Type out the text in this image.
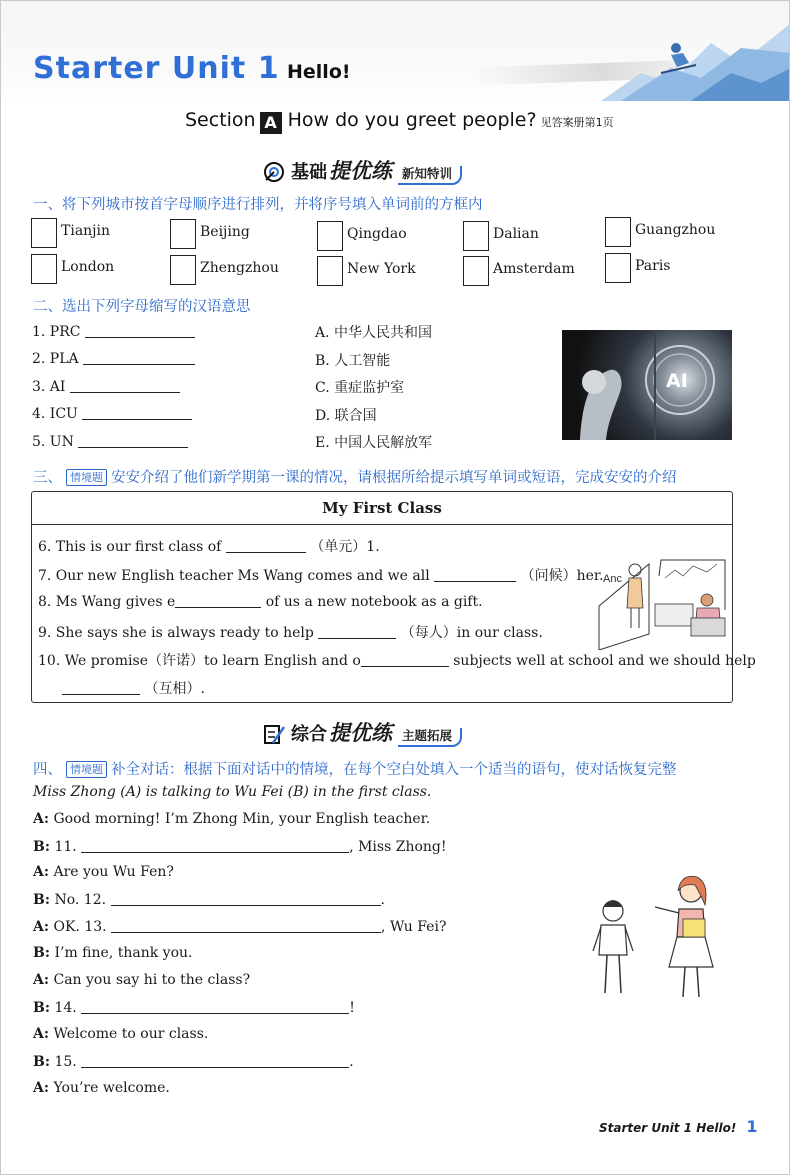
Starter Unit 1 Hello!
Section A How do you greet people? 见答案册第1页
基础提优练 新知特训
一、将下列城市按首字母顺序进行排列，并将序号填入单词前的方框内
Tianjin	Beijing	Qingdao	Dalian	Guangzhou
London	Zhengzhou	New York	Amsterdam	Paris
二、选出下列字母缩写的汉语意思
1. PRC
2. PLA
3. AI
4. ICU
5. UN
A. 中华人民共和国
B. 人工智能
C. 重症监护室
D. 联合国
E. 中国人民解放军
AI
三、 情境题 安安介绍了他们新学期第一课的情况，请根据所给提示填写单词或短语，完成安安的介绍
My First Class
6. This is our first class of	（单元）1.
7. Our new English teacher Ms Wang comes and we all	（问候）her.
8. Ms Wang gives e	of us a new notebook as a gift.
9. She says she is always ready to help	（每人）in our class.
10. We promise（许诺）to learn English and o	subjects well at school and we should help
（互相）.
Anc
综合提优练 主题拓展
四、 情境题 补全对话：根据下面对话中的情境，在每个空白处填入一个适当的语句，使对话恢复完整
Miss Zhong (A) is talking to Wu Fei (B) in the first class.
A: Good morning! I’m Zhong Min, your English teacher.
B: 11.	, Miss Zhong!
A: Are you Wu Fen?
B: No. 12.	.
A: OK. 13.	, Wu Fei?
B: I’m fine, thank you.
A: Can you say hi to the class?
B: 14.	!
A: Welcome to our class.
B: 15.	.
A: You’re welcome.
Starter Unit 1 Hello! 1
